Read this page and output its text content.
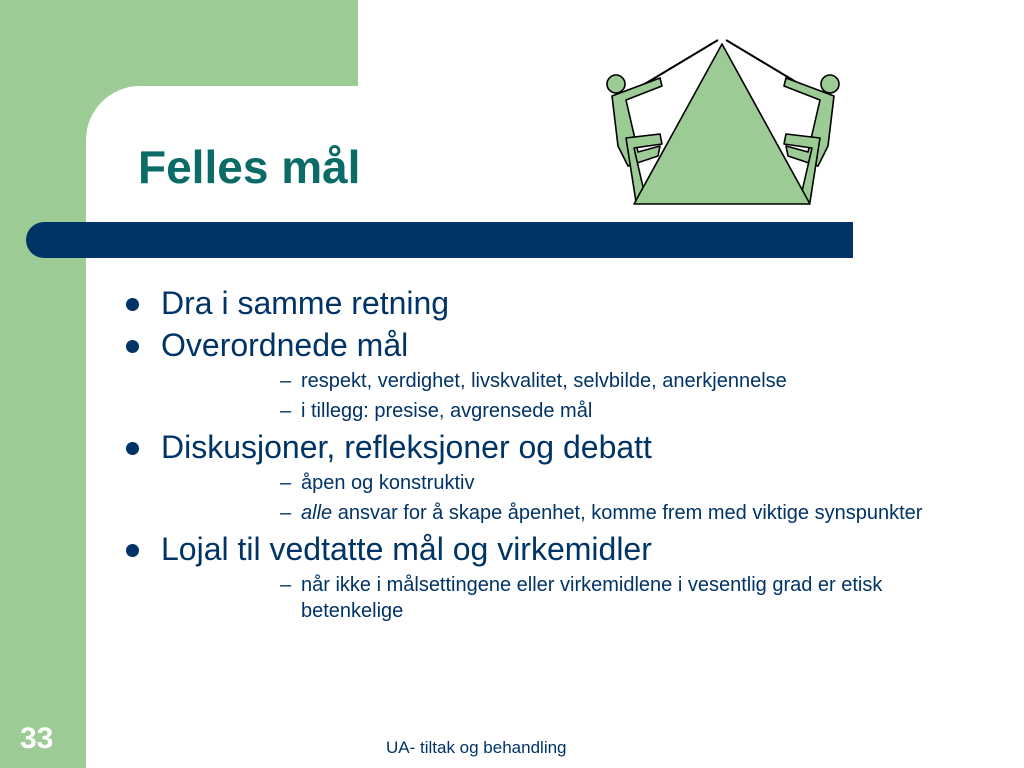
Felles mål
Dra i samme retning
Overordnede mål
– respekt, verdighet, livskvalitet, selvbilde, anerkjennelse
– i tillegg: presise, avgrensede mål
Diskusjoner, refleksjoner og debatt
– åpen og konstruktiv
– alle ansvar for å skape åpenhet, komme frem med viktige synspunkter
Lojal til vedtatte mål og virkemidler
– når ikke i målsettingene eller virkemidlene i vesentlig grad er etisk betenkelige
33	UA- tiltak og behandling
